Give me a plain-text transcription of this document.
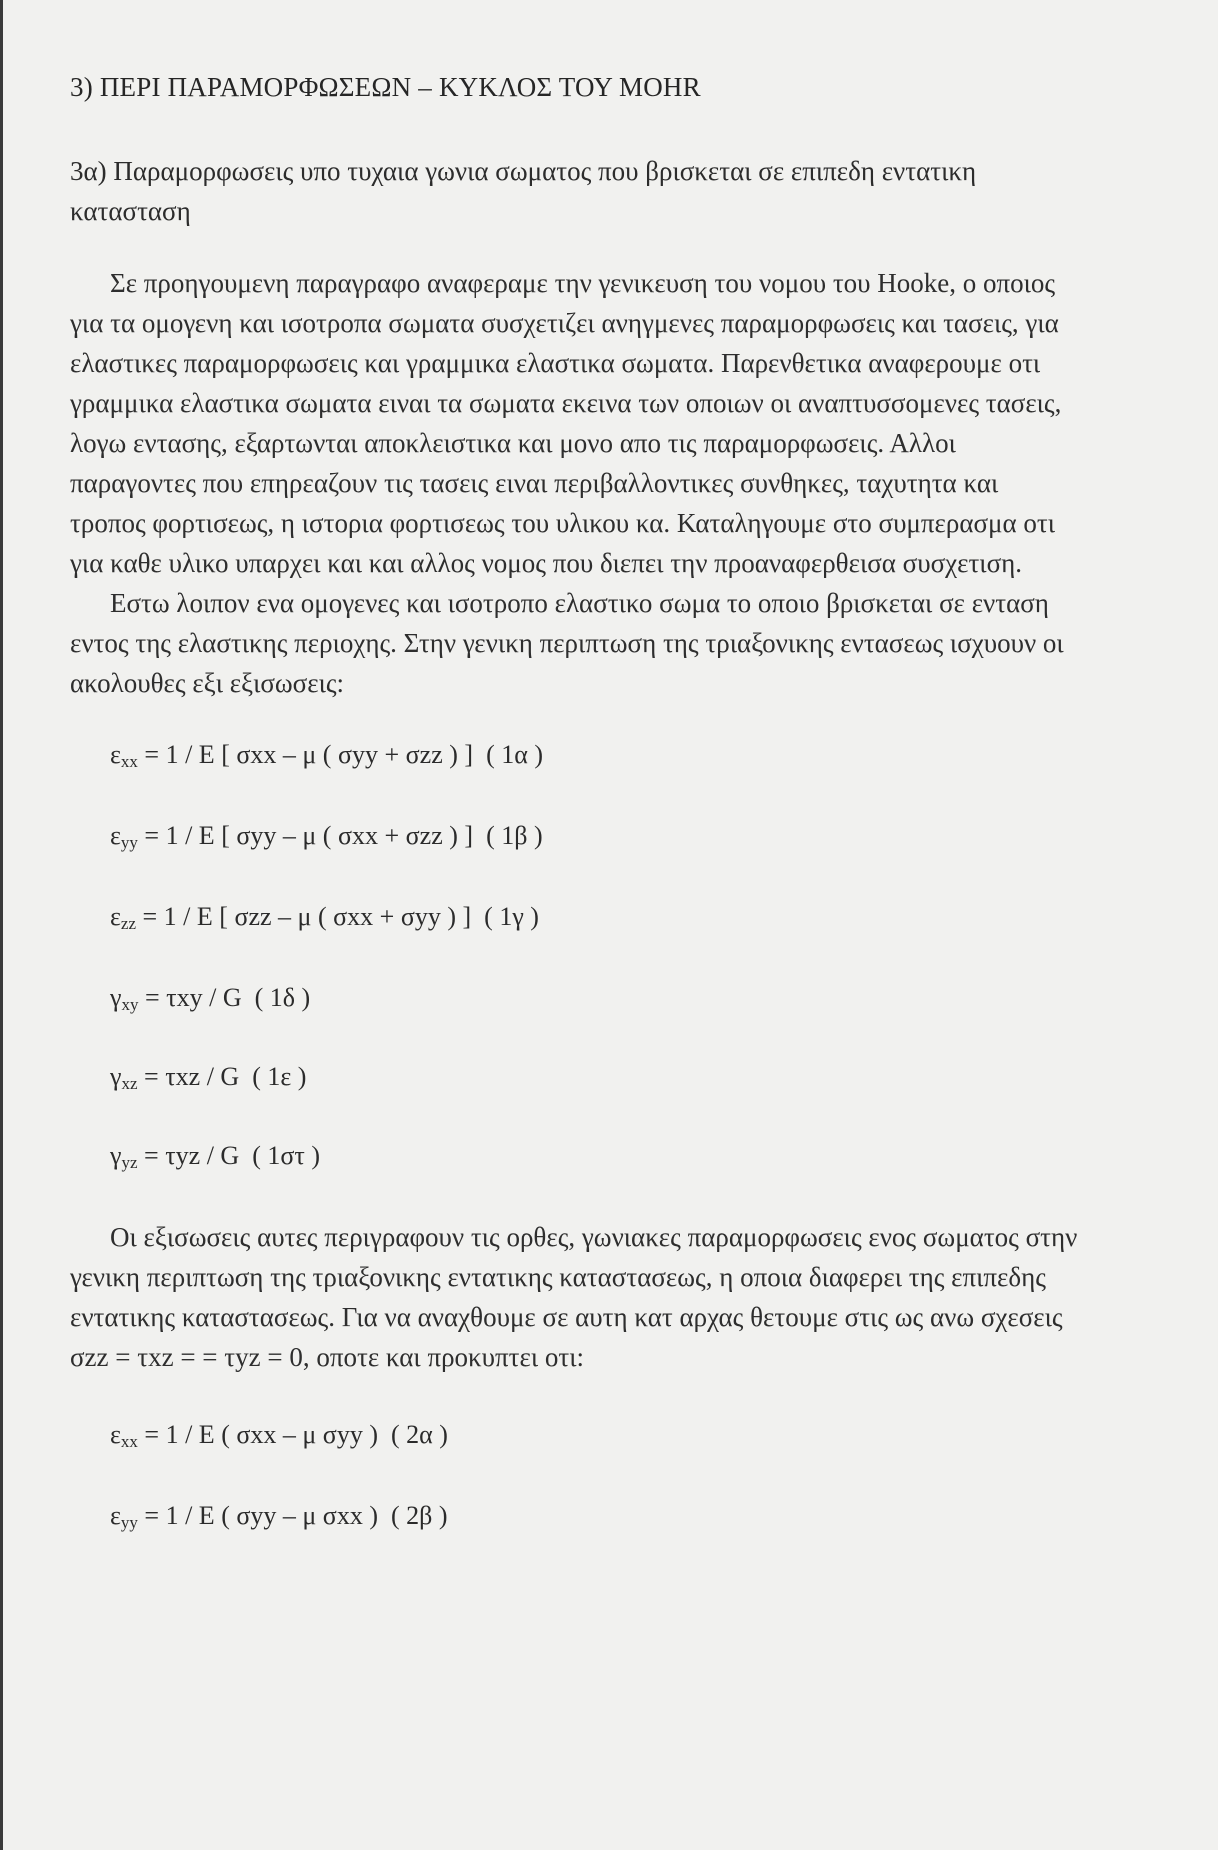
3) ΠΕΡΙ ΠΑΡΑΜΟΡΦΩΣΕΩΝ – ΚΥΚΛΟΣ ΤΟΥ MOHR

3α) Παραμορφωσεις υπο τυχαια γωνια σωματος που βρισκεται σε επιπεδη εντατικη κατασταση

Σε προηγουμενη παραγραφο αναφεραμε την γενικευση του νομου του Hooke, ο οποιος για τα ομογενη και ισοτροπα σωματα συσχετιζει ανηγμενες παραμορφωσεις και τασεις, για ελαστικες παραμορφωσεις και γραμμικα ελαστικα σωματα. Παρενθετικα αναφερουμε οτι γραμμικα ελαστικα σωματα ειναι τα σωματα εκεινα των οποιων οι αναπτυσσομενες τασεις, λογω εντασης, εξαρτωνται αποκλειστικα και μονο απο τις παραμορφωσεις. Αλλοι παραγοντες που επηρεαζουν τις τασεις ειναι περιβαλλοντικες συνθηκες, ταχυτητα και τροπος φορτισεως, η ιστορια φορτισεως του υλικου κα. Καταληγουμε στο συμπερασμα οτι για καθε υλικο υπαρχει και και αλλος νομος που διεπει την προαναφερθεισα συσχετιση.

Εστω λοιπον ενα ομογενες και ισοτροπο ελαστικο σωμα το οποιο βρισκεται σε ενταση εντος της ελαστικης περιοχης. Στην γενικη περιπτωση της τριαξονικης εντασεως ισχυουν οι ακολουθες εξι εξισωσεις:

$\varepsilon_{xx} = 1 / E$ [ σxx – μ ( σyy + σzz ) ] ( 1α )
$\varepsilon_{yy} = 1 / E$ [ σyy – μ ( σxx + σzz ) ] ( 1β )
$\varepsilon_{zz} = 1 / E$ [ σzz – μ ( σxx + σyy ) ] ( 1γ )
$\gamma_{xy} = \tau xy / G$ ( 1δ )
$\gamma_{xz} = \tau xz / G$ ( 1ε )
$\gamma_{yz} = \tau yz / G$ ( 1στ )

Οι εξισωσεις αυτες περιγραφουν τις ορθες, γωνιακες παραμορφωσεις ενος σωματος στην γενικη περιπτωση της τριαξονικης εντατικης καταστασεως, η οποια διαφερει της επιπεδης εντατικης καταστασεως. Για να αναχθουμε σε αυτη κατ αρχας θετουμε στις ως ανω σχεσεις σzz = τxz = = τyz = 0, οποτε και προκυπτει οτι:

$\varepsilon_{xx} = 1 / E$ ( σxx – μ σyy ) ( 2α )
$\varepsilon_{yy} = 1 / E$ ( σyy – μ σxx ) ( 2β )
